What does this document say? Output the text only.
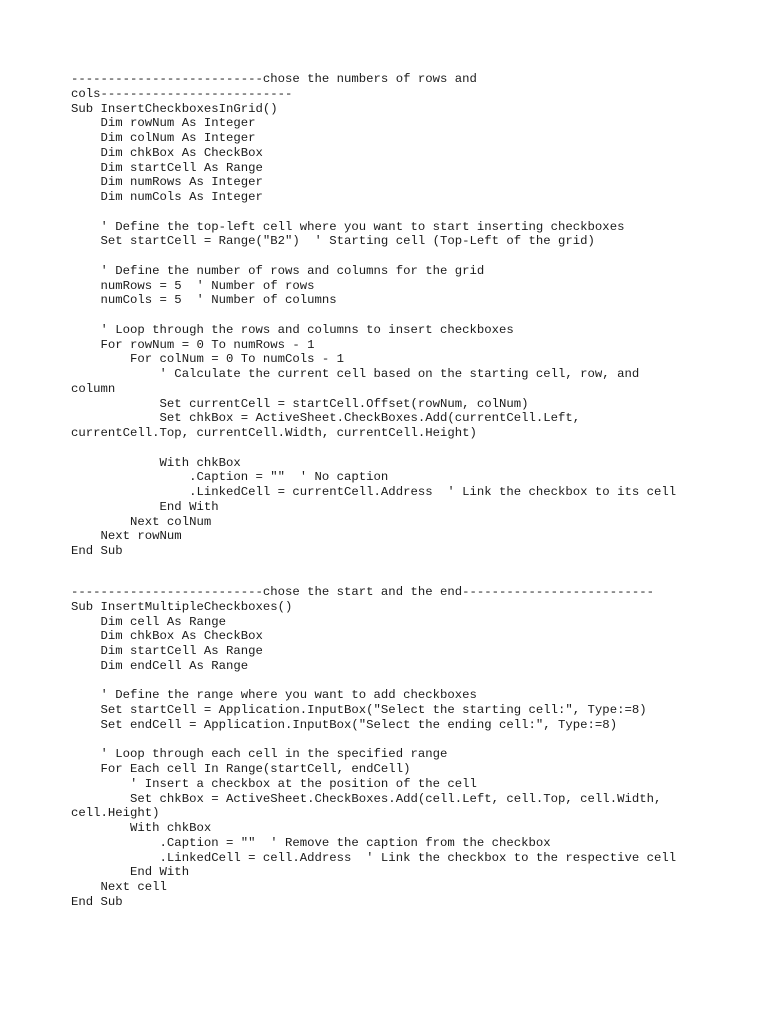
--------------------------chose the numbers of rows and
cols--------------------------
Sub InsertCheckboxesInGrid()
Dim rowNum As Integer
Dim colNum As Integer
Dim chkBox As CheckBox
Dim startCell As Range
Dim numRows As Integer
Dim numCols As Integer

' Define the top-left cell where you want to start inserting checkboxes
Set startCell = Range("B2")  ' Starting cell (Top-Left of the grid)

' Define the number of rows and columns for the grid
numRows = 5  ' Number of rows
numCols = 5  ' Number of columns

' Loop through the rows and columns to insert checkboxes
For rowNum = 0 To numRows - 1
For colNum = 0 To numCols - 1
' Calculate the current cell based on the starting cell, row, and
column
Set currentCell = startCell.Offset(rowNum, colNum)
Set chkBox = ActiveSheet.CheckBoxes.Add(currentCell.Left,
currentCell.Top, currentCell.Width, currentCell.Height)

With chkBox
.Caption = ""  ' No caption
.LinkedCell = currentCell.Address  ' Link the checkbox to its cell
End With
Next colNum
Next rowNum
End Sub
--------------------------chose the start and the end--------------------------
Sub InsertMultipleCheckboxes()
Dim cell As Range
Dim chkBox As CheckBox
Dim startCell As Range
Dim endCell As Range

' Define the range where you want to add checkboxes
Set startCell = Application.InputBox("Select the starting cell:", Type:=8)
Set endCell = Application.InputBox("Select the ending cell:", Type:=8)

' Loop through each cell in the specified range
For Each cell In Range(startCell, endCell)
' Insert a checkbox at the position of the cell
Set chkBox = ActiveSheet.CheckBoxes.Add(cell.Left, cell.Top, cell.Width,
cell.Height)
With chkBox
.Caption = ""  ' Remove the caption from the checkbox
.LinkedCell = cell.Address  ' Link the checkbox to the respective cell
End With
Next cell
End Sub
